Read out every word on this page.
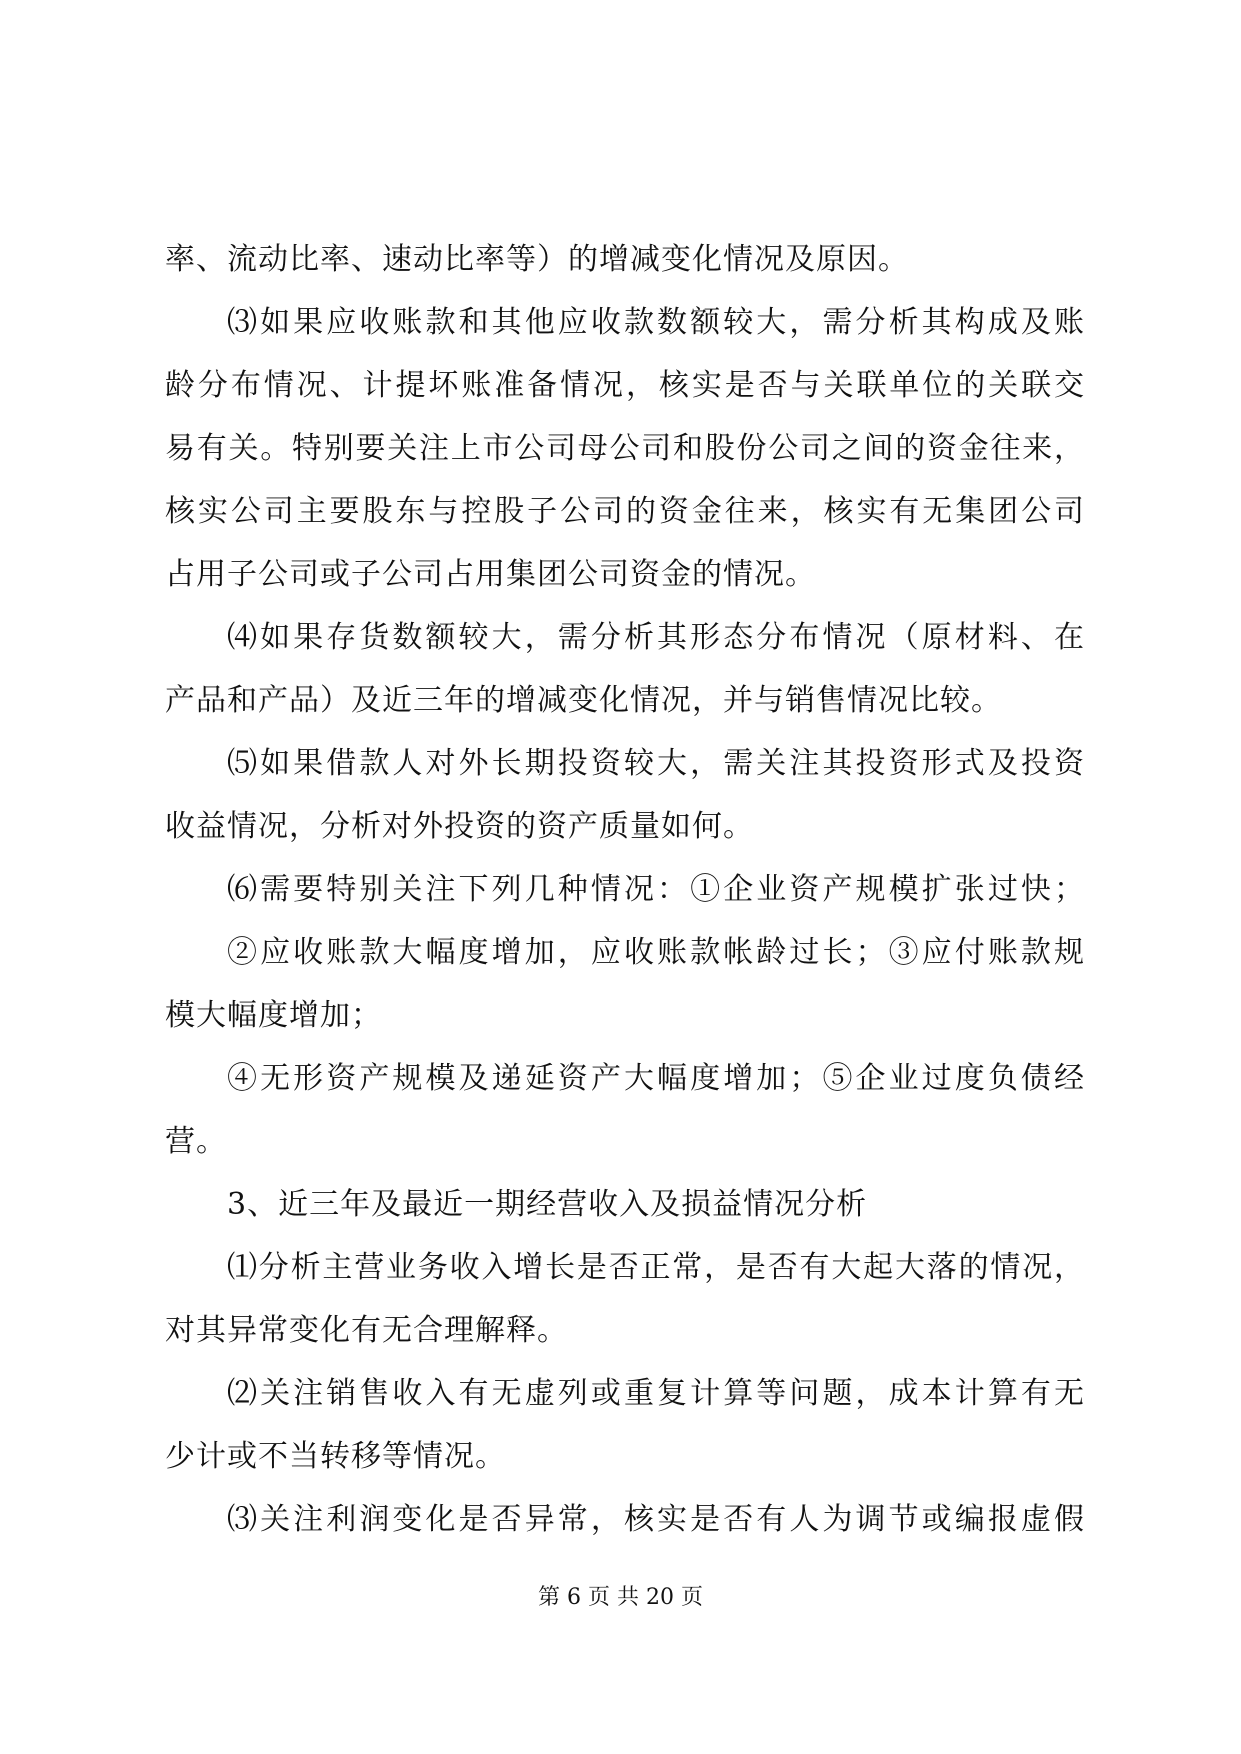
率、流动比率、速动比率等）的增减变化情况及原因。
⑶如果应收账款和其他应收款数额较大，需分析其构成及账
龄分布情况、计提坏账准备情况，核实是否与关联单位的关联交
易有关。特别要关注上市公司母公司和股份公司之间的资金往来，
核实公司主要股东与控股子公司的资金往来，核实有无集团公司
占用子公司或子公司占用集团公司资金的情况。
⑷如果存货数额较大，需分析其形态分布情况（原材料、在
产品和产品）及近三年的增减变化情况，并与销售情况比较。
⑸如果借款人对外长期投资较大，需关注其投资形式及投资
收益情况，分析对外投资的资产质量如何。
⑹需要特别关注下列几种情况：①企业资产规模扩张过快；
②应收账款大幅度增加，应收账款帐龄过长；③应付账款规
模大幅度增加；
④无形资产规模及递延资产大幅度增加；⑤企业过度负债经
营。
3、近三年及最近一期经营收入及损益情况分析
⑴分析主营业务收入增长是否正常，是否有大起大落的情况，
对其异常变化有无合理解释。
⑵关注销售收入有无虚列或重复计算等问题，成本计算有无
少计或不当转移等情况。
⑶关注利润变化是否异常，核实是否有人为调节或编报虚假
第 6 页 共 20 页
